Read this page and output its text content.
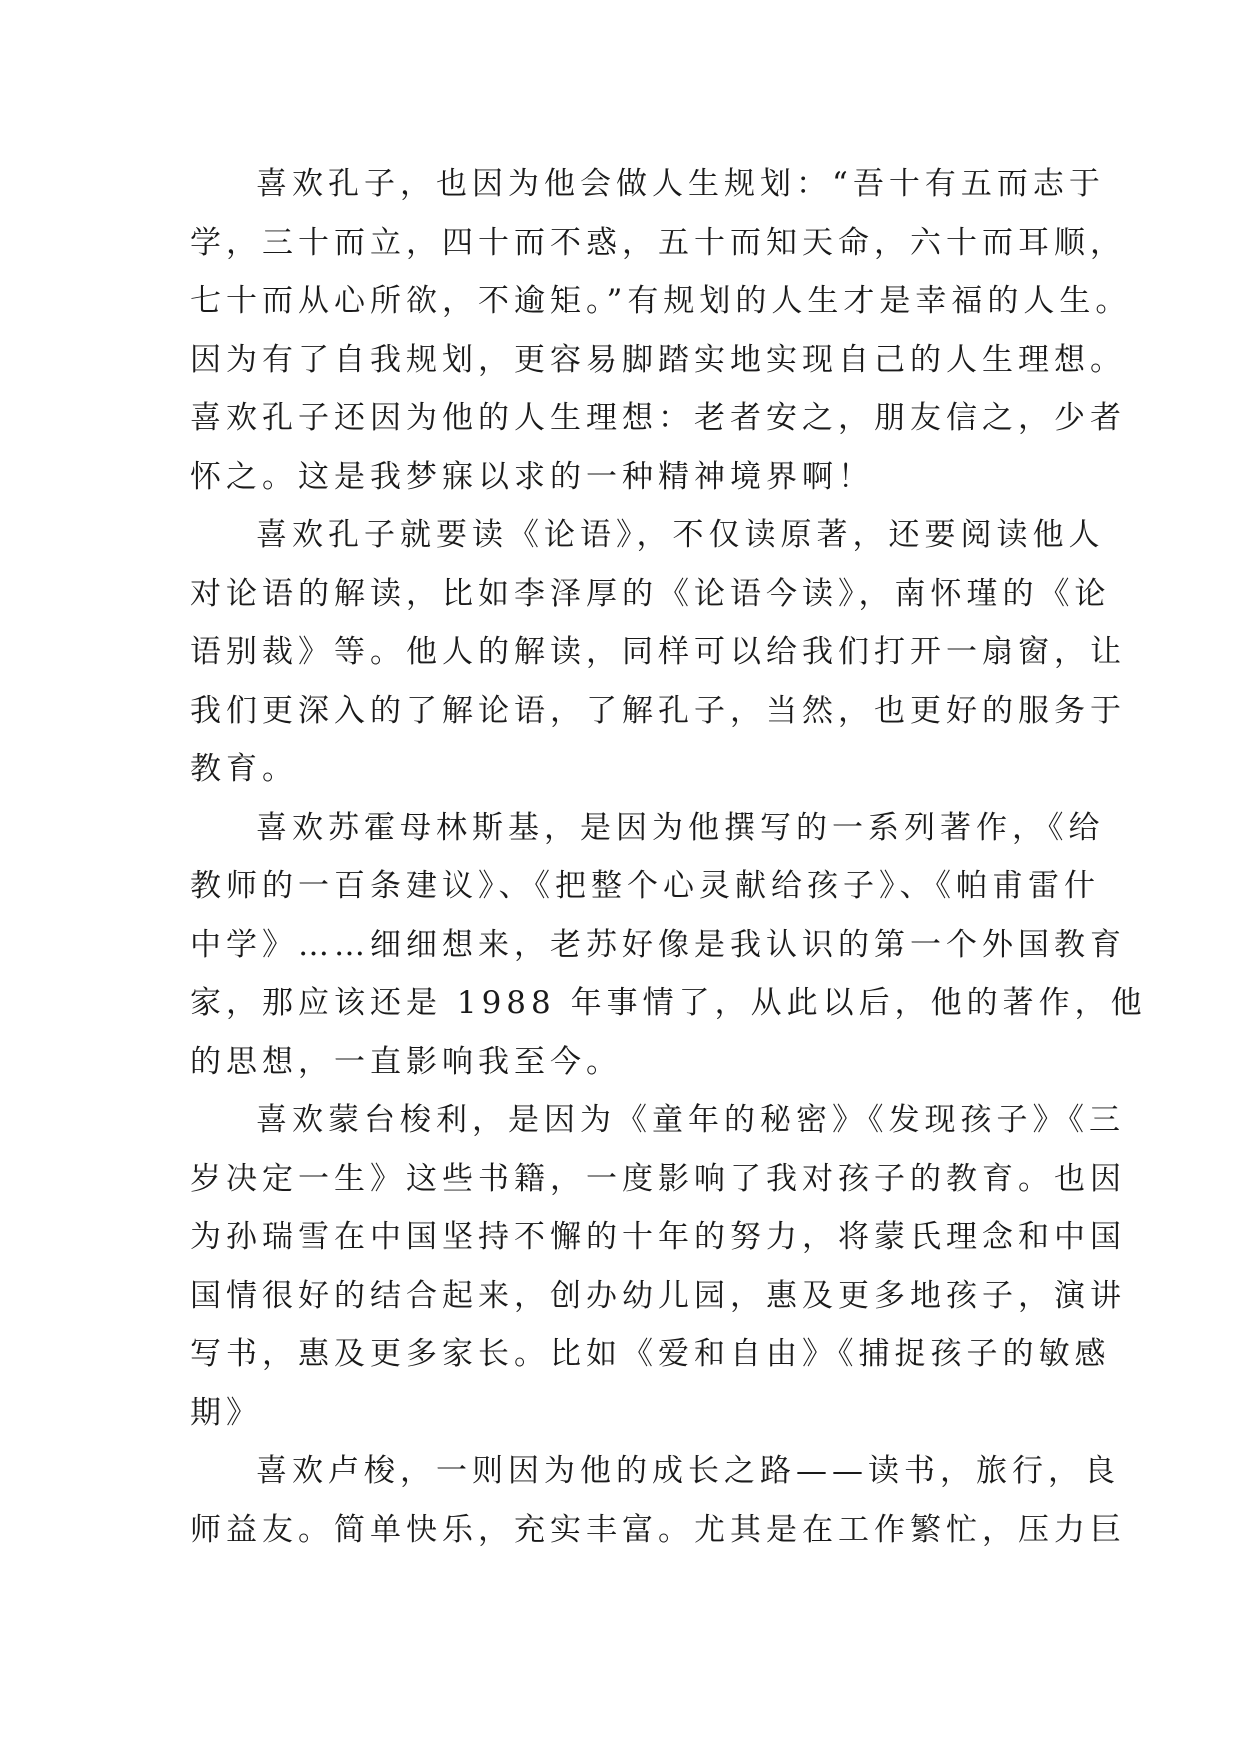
喜欢孔子，也因为他会做人生规划：“吾十有五而志于
学，三十而立，四十而不惑，五十而知天命，六十而耳顺，
七十而从心所欲，不逾矩。”有规划的人生才是幸福的人生。
因为有了自我规划，更容易脚踏实地实现自己的人生理想。
喜欢孔子还因为他的人生理想：老者安之，朋友信之，少者
怀之。这是我梦寐以求的一种精神境界啊！
喜欢孔子就要读《论语》，不仅读原著，还要阅读他人
对论语的解读，比如李泽厚的《论语今读》，南怀瑾的《论
语别裁》等。他人的解读，同样可以给我们打开一扇窗，让
我们更深入的了解论语，了解孔子，当然，也更好的服务于
教育。
喜欢苏霍母林斯基，是因为他撰写的一系列著作，《给
教师的一百条建议》、《把整个心灵献给孩子》、《帕甫雷什
中学》……细细想来，老苏好像是我认识的第一个外国教育
家，那应该还是 1988 年事情了，从此以后，他的著作，他
的思想，一直影响我至今。
喜欢蒙台梭利，是因为《童年的秘密》《发现孩子》《三
岁决定一生》这些书籍，一度影响了我对孩子的教育。也因
为孙瑞雪在中国坚持不懈的十年的努力，将蒙氏理念和中国
国情很好的结合起来，创办幼儿园，惠及更多地孩子，演讲
写书，惠及更多家长。比如《爱和自由》《捕捉孩子的敏感
期》
喜欢卢梭，一则因为他的成长之路——读书，旅行，良
师益友。简单快乐，充实丰富。尤其是在工作繁忙，压力巨
